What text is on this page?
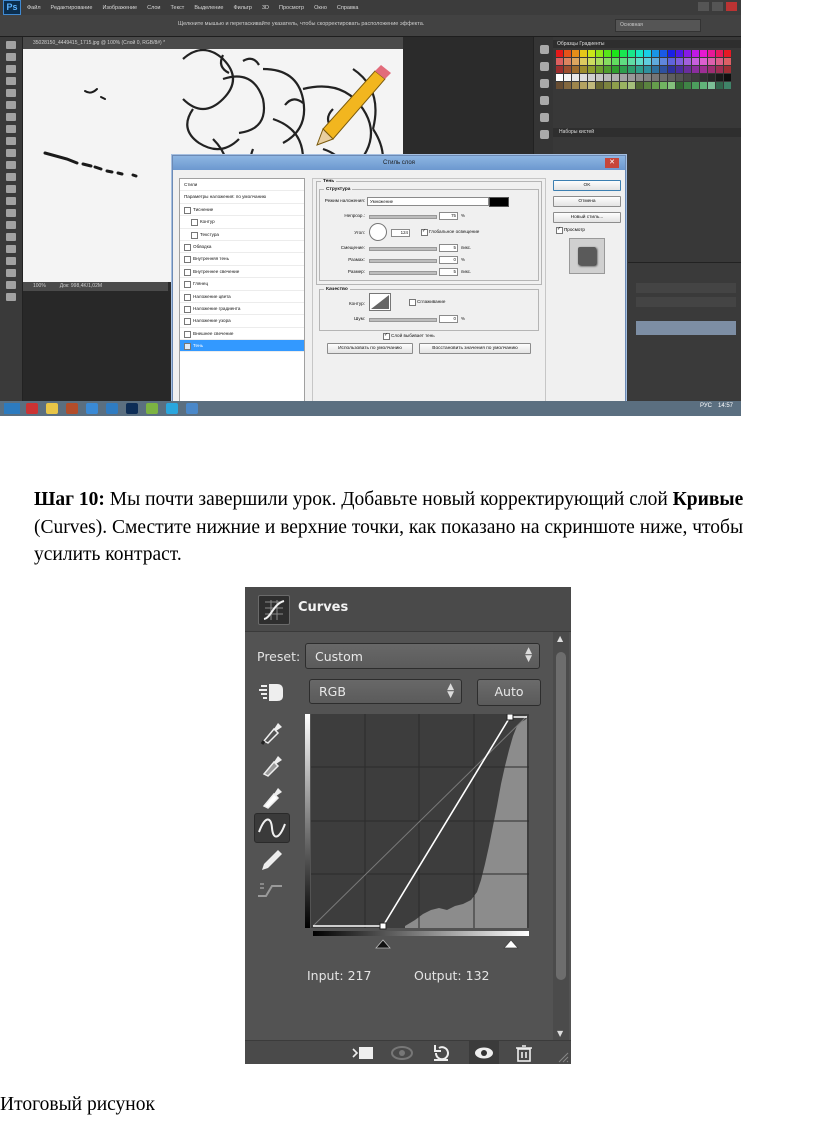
Ps	Файл Редактирование Изображение Слои Текст Выделение Фильтр 3D Просмотр Окно Справка
Щелкните мышью и перетаскивайте указатель, чтобы скорректировать расположение эффекта.	Основная
35028150_4449415_1715.jpg @ 100% (Слой 0, RGB/8#) *
100%	Док: 998,4K/1,02M
Образцы Градиенты
Наборы кистей
Стиль слоя	✕
Стили
Параметры наложения: по умолчанию
Тиснение
Контур
Текстура
Обводка
Внутренняя тень
Внутреннее свечение
Глянец
Наложение цвета
Наложение градиента
Наложение узора
Внешнее свечение
Тень
Тень
Структура
Режим наложения:	Умножение
Непрозр.:	75	%
Угол:	124	Глобальное освещение ✓
Смещение:	5	пикс.
Размах:	0	%
Размер:	5	пикс.
Качество
Контур:	Сглаживание
Шум:	0	%
Слой выбивает тень ✓
Использовать по умолчанию	Восстановить значения по умолчанию
OK
Отмена
Новый стиль...
Просмотр ✓
РУС 14:57
Шаг 10: Мы почти завершили урок. Добавьте новый корректирующий слой Кривые (Curves). Сместите нижние и верхние точки, как показано на скриншоте ниже, чтобы усилить контраст.
Curves
Preset:	Custom	▲
▼
RGB	▲
▼	Auto
Input: 217	Output: 132
▲
▼
Итоговый рисунок
